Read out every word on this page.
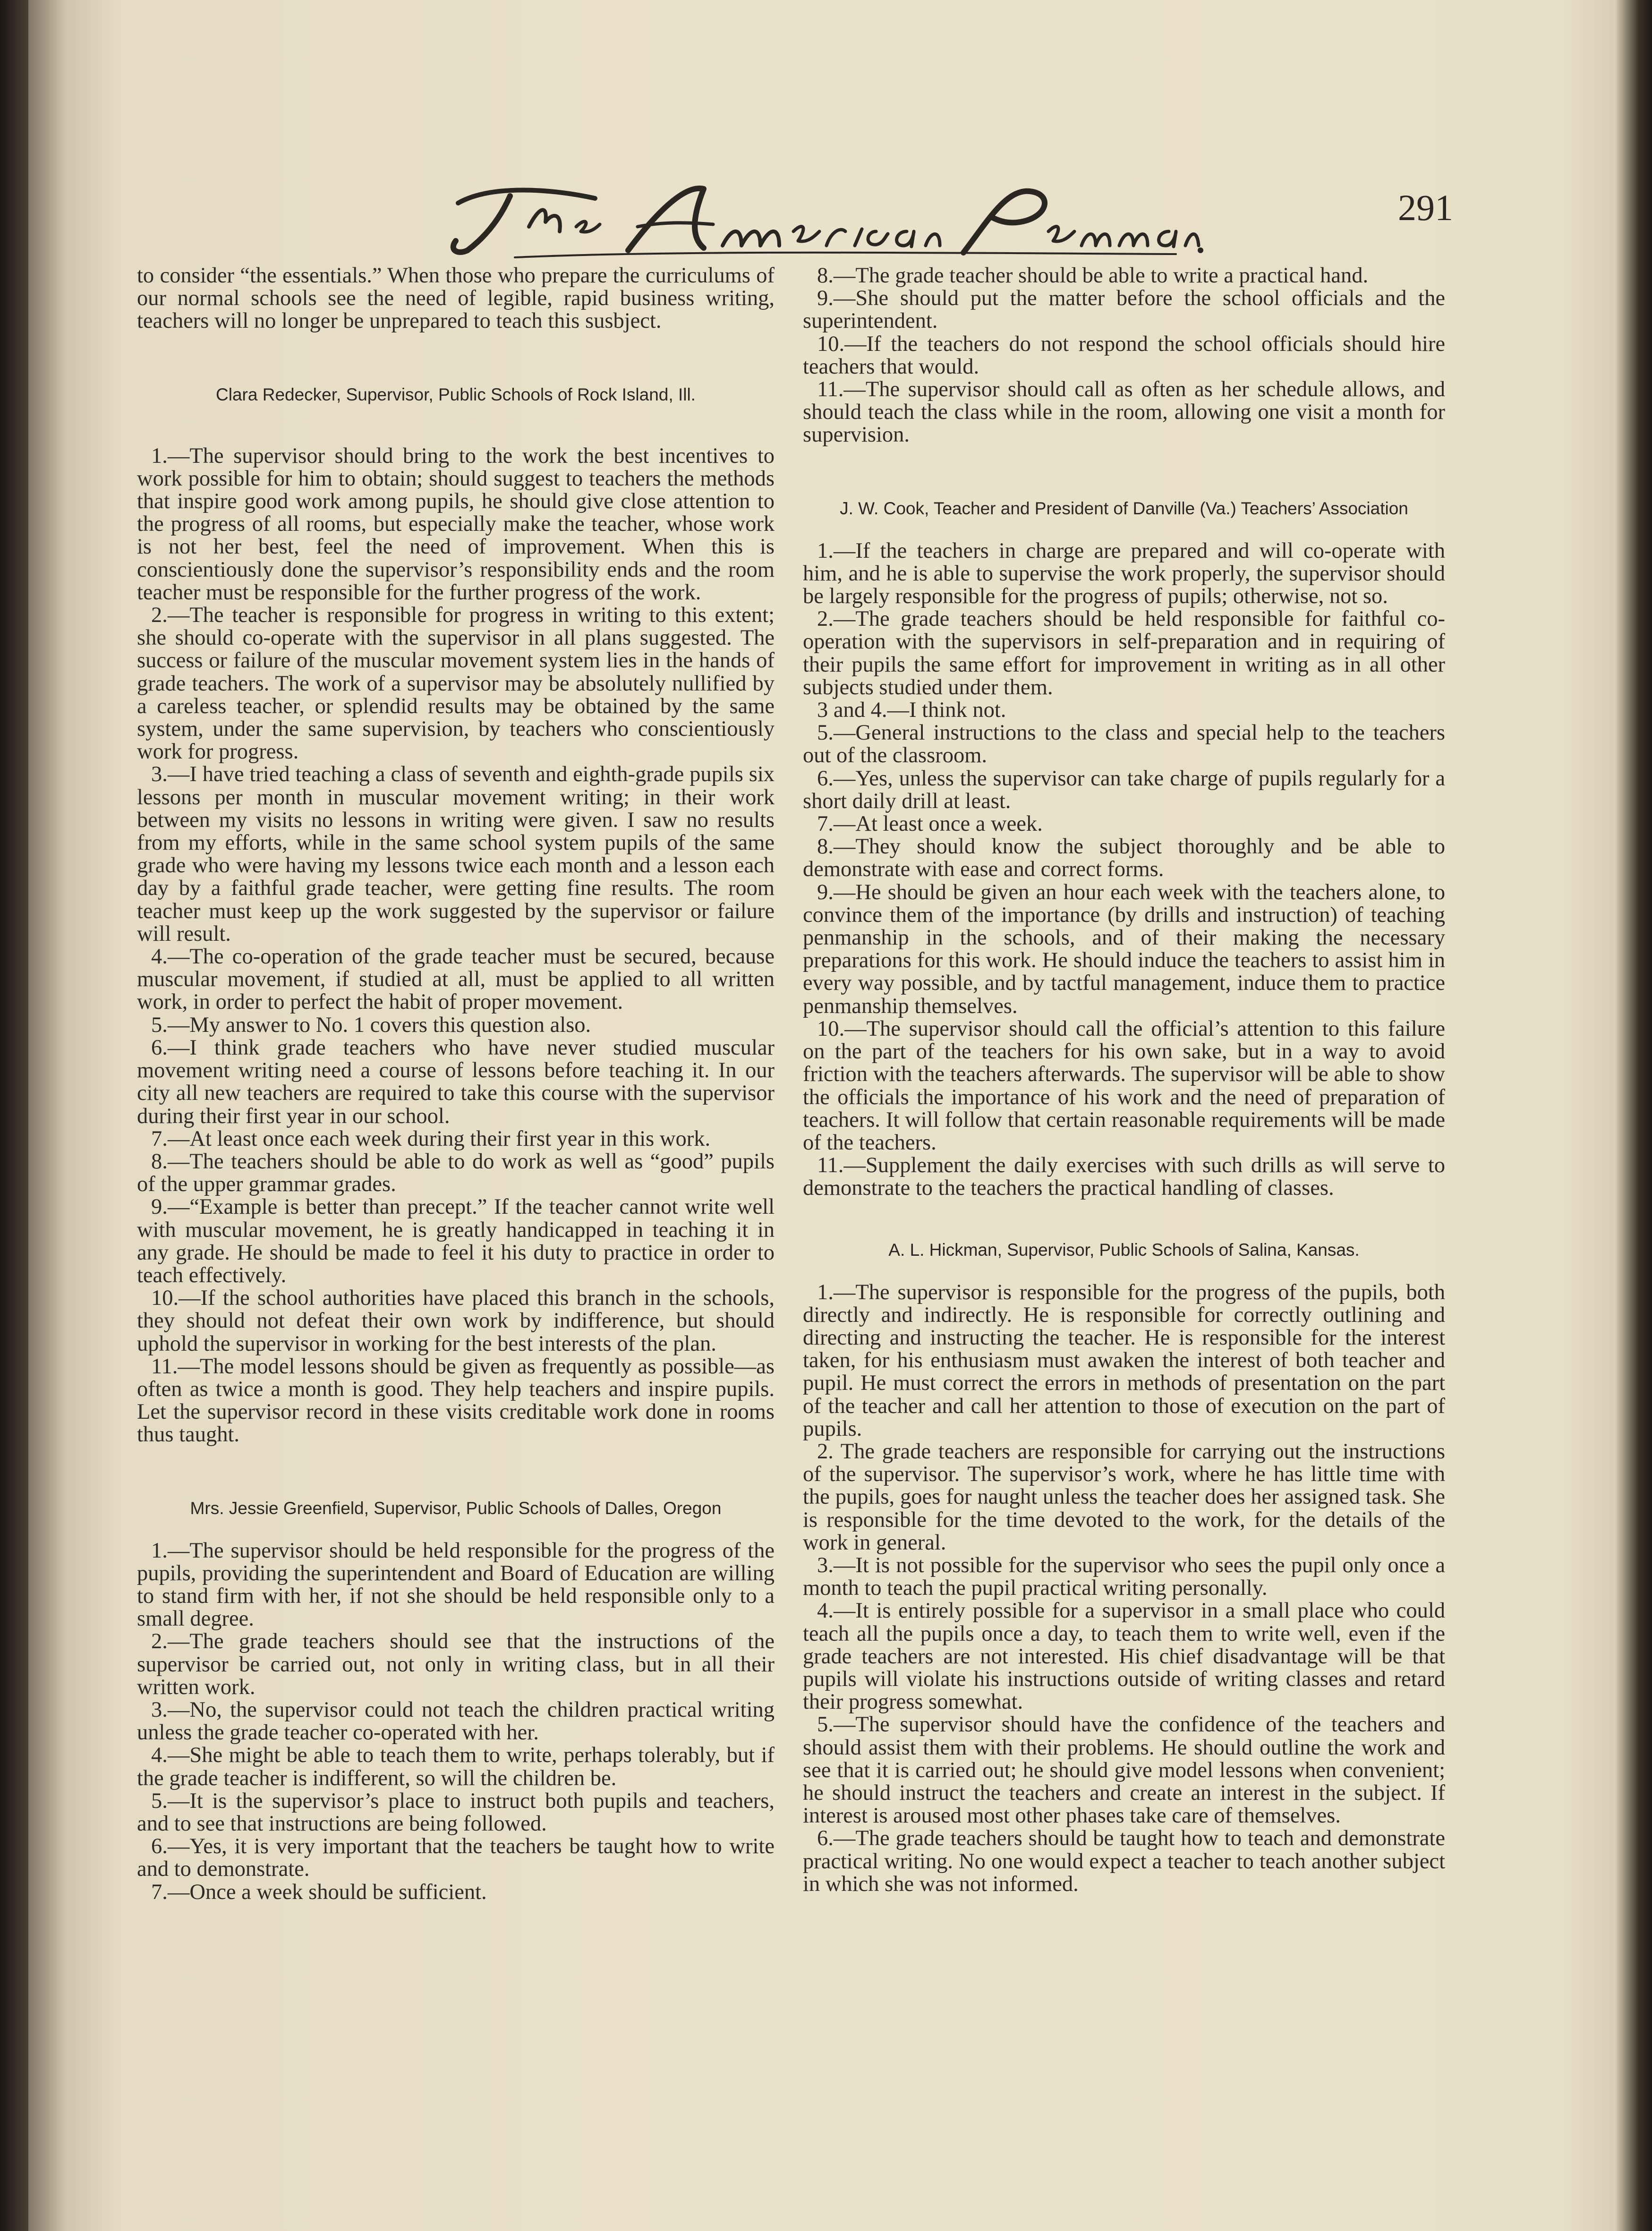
291

to consider “the essentials.” When those who prepare the curriculums of our normal schools see the need of legible, rapid business writing, teachers will no longer be unprepared to teach this susbject.

Clara Redecker, Supervisor, Public Schools of Rock Island, Ill.

1.—The supervisor should bring to the work the best incentives to work possible for him to obtain; should suggest to teachers the methods that inspire good work among pupils, he should give close attention to the progress of all rooms, but especially make the teacher, whose work is not her best, feel the need of improvement. When this is conscientiously done the supervisor’s responsibility ends and the room teacher must be responsible for the further progress of the work.

2.—The teacher is responsible for progress in writing to this extent; she should co-operate with the supervisor in all plans suggested. The success or failure of the muscular movement system lies in the hands of grade teachers. The work of a supervisor may be absolutely nullified by a careless teacher, or splendid results may be obtained by the same system, under the same supervision, by teachers who conscientiously work for progress.

3.—I have tried teaching a class of seventh and eighth-grade pupils six lessons per month in muscular movement writing; in their work between my visits no lessons in writing were given. I saw no results from my efforts, while in the same school system pupils of the same grade who were having my lessons twice each month and a lesson each day by a faithful grade teacher, were getting fine results. The room teacher must keep up the work suggested by the supervisor or failure will result.

4.—The co-operation of the grade teacher must be secured, because muscular movement, if studied at all, must be applied to all written work, in order to perfect the habit of proper movement.

5.—My answer to No. 1 covers this question also.

6.—I think grade teachers who have never studied muscular movement writing need a course of lessons before teaching it. In our city all new teachers are required to take this course with the supervisor during their first year in our school.

7.—At least once each week during their first year in this work.

8.—The teachers should be able to do work as well as “good” pupils of the upper grammar grades.

9.—“Example is better than precept.” If the teacher cannot write well with muscular movement, he is greatly handicapped in teaching it in any grade. He should be made to feel it his duty to practice in order to teach effectively.

10.—If the school authorities have placed this branch in the schools, they should not defeat their own work by indifference, but should uphold the supervisor in working for the best interests of the plan.

11.—The model lessons should be given as frequently as possible—as often as twice a month is good. They help teachers and inspire pupils. Let the supervisor record in these visits creditable work done in rooms thus taught.

Mrs. Jessie Greenfield, Supervisor, Public Schools of Dalles, Oregon

1.—The supervisor should be held responsible for the progress of the pupils, providing the superintendent and Board of Education are willing to stand firm with her, if not she should be held responsible only to a small degree.

2.—The grade teachers should see that the instructions of the supervisor be carried out, not only in writing class, but in all their written work.

3.—No, the supervisor could not teach the children practical writing unless the grade teacher co-operated with her.

4.—She might be able to teach them to write, perhaps tolerably, but if the grade teacher is indifferent, so will the children be.

5.—It is the supervisor’s place to instruct both pupils and teachers, and to see that instructions are being followed.

6.—Yes, it is very important that the teachers be taught how to write and to demonstrate.

7.—Once a week should be sufficient.

8.—The grade teacher should be able to write a practical hand.

9.—She should put the matter before the school officials and the superintendent.

10.—If the teachers do not respond the school officials should hire teachers that would.

11.—The supervisor should call as often as her schedule allows, and should teach the class while in the room, allowing one visit a month for supervision.

J. W. Cook, Teacher and President of Danville (Va.) Teachers’ Association

1.—If the teachers in charge are prepared and will co-operate with him, and he is able to supervise the work properly, the supervisor should be largely responsible for the progress of pupils; otherwise, not so.

2.—The grade teachers should be held responsible for faithful co-operation with the supervisors in self-preparation and in requiring of their pupils the same effort for improvement in writing as in all other subjects studied under them.

3 and 4.—I think not.

5.—General instructions to the class and special help to the teachers out of the classroom.

6.—Yes, unless the supervisor can take charge of pupils regularly for a short daily drill at least.

7.—At least once a week.

8.—They should know the subject thoroughly and be able to demonstrate with ease and correct forms.

9.—He should be given an hour each week with the teachers alone, to convince them of the importance (by drills and instruction) of teaching penmanship in the schools, and of their making the necessary preparations for this work. He should induce the teachers to assist him in every way possible, and by tactful management, induce them to practice penmanship themselves.

10.—The supervisor should call the official’s attention to this failure on the part of the teachers for his own sake, but in a way to avoid friction with the teachers afterwards. The supervisor will be able to show the officials the importance of his work and the need of preparation of teachers. It will follow that certain reasonable requirements will be made of the teachers.

11.—Supplement the daily exercises with such drills as will serve to demonstrate to the teachers the practical handling of classes.

A. L. Hickman, Supervisor, Public Schools of Salina, Kansas.

1.—The supervisor is responsible for the progress of the pupils, both directly and indirectly. He is responsible for correctly outlining and directing and instructing the teacher. He is responsible for the interest taken, for his enthusiasm must awaken the interest of both teacher and pupil. He must correct the errors in methods of presentation on the part of the teacher and call her attention to those of execution on the part of pupils.

2. The grade teachers are responsible for carrying out the instructions of the supervisor. The supervisor’s work, where he has little time with the pupils, goes for naught unless the teacher does her assigned task. She is responsible for the time devoted to the work, for the details of the work in general.

3.—It is not possible for the supervisor who sees the pupil only once a month to teach the pupil practical writing personally.

4.—It is entirely possible for a supervisor in a small place who could teach all the pupils once a day, to teach them to write well, even if the grade teachers are not interested. His chief disadvantage will be that pupils will violate his instructions outside of writing classes and retard their progress somewhat.

5.—The supervisor should have the confidence of the teachers and should assist them with their problems. He should outline the work and see that it is carried out; he should give model lessons when convenient; he should instruct the teachers and create an interest in the subject. If interest is aroused most other phases take care of themselves.

6.—The grade teachers should be taught how to teach and demonstrate practical writing. No one would expect a teacher to teach another subject in which she was not informed.
